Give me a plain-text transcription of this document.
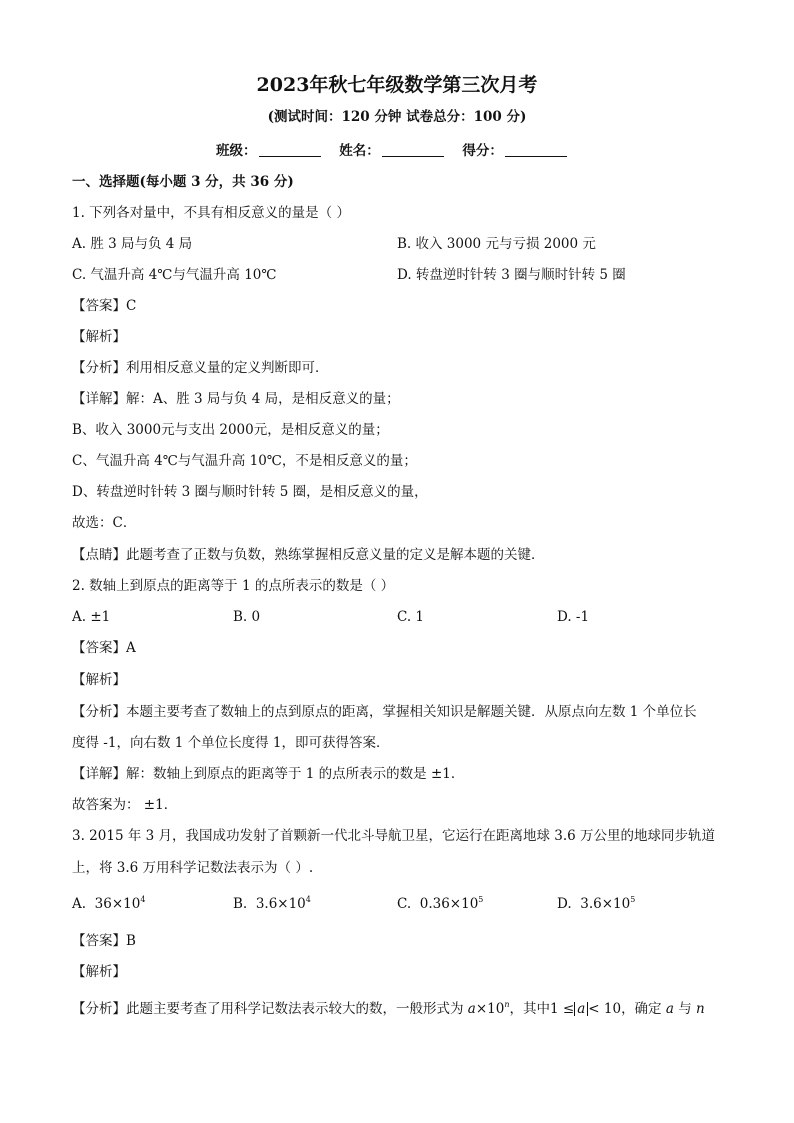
2023年秋七年级数学第三次月考
(测试时间：120 分钟 试卷总分：100 分)
班级：	姓名：	得分：
一、选择题(每小题 3 分，共 36 分)
1. 下列各对量中，不具有相反意义的量是（ ）
A. 胜 3 局与负 4 局	B. 收入 3000 元与亏损 2000 元
C. 气温升高 4℃与气温升高 10℃	D. 转盘逆时针转 3 圈与顺时针转 5 圈
【答案】C
【解析】
【分析】利用相反意义量的定义判断即可．
【详解】解：A、胜 3 局与负 4 局，是相反意义的量；
B、收入 3000元与支出 2000元，是相反意义的量；
C、气温升高 4℃与气温升高 10℃，不是相反意义的量；
D、转盘逆时针转 3 圈与顺时针转 5 圈，是相反意义的量，
故选：C．
【点睛】此题考查了正数与负数，熟练掌握相反意义量的定义是解本题的关键．
2. 数轴上到原点的距离等于 1 的点所表示的数是（ ）
A. ±1	B. 0	C. 1	D. -1
【答案】A
【解析】
【分析】本题主要考查了数轴上的点到原点的距离，掌握相关知识是解题关键．从原点向左数 1 个单位长
度得 -1，向右数 1 个单位长度得 1，即可获得答案．
【详解】解：数轴上到原点的距离等于 1 的点所表示的数是 ±1．
故答案为： ±1．
3. 2015 年 3 月，我国成功发射了首颗新一代北斗导航卫星，它运行在距离地球 3.6 万公里的地球同步轨道
上，将 3.6 万用科学记数法表示为（ ）.
A. $36\times 10^4$	B. $3.6\times 10^4$	C. $0.36\times 10^5$	D. $3.6\times 10^5$
【答案】B
【解析】
【分析】此题主要考查了用科学记数法表示较大的数，一般形式为 $a\times 10^n$，其中1 ≤ a < 10，确定 a 与 n
